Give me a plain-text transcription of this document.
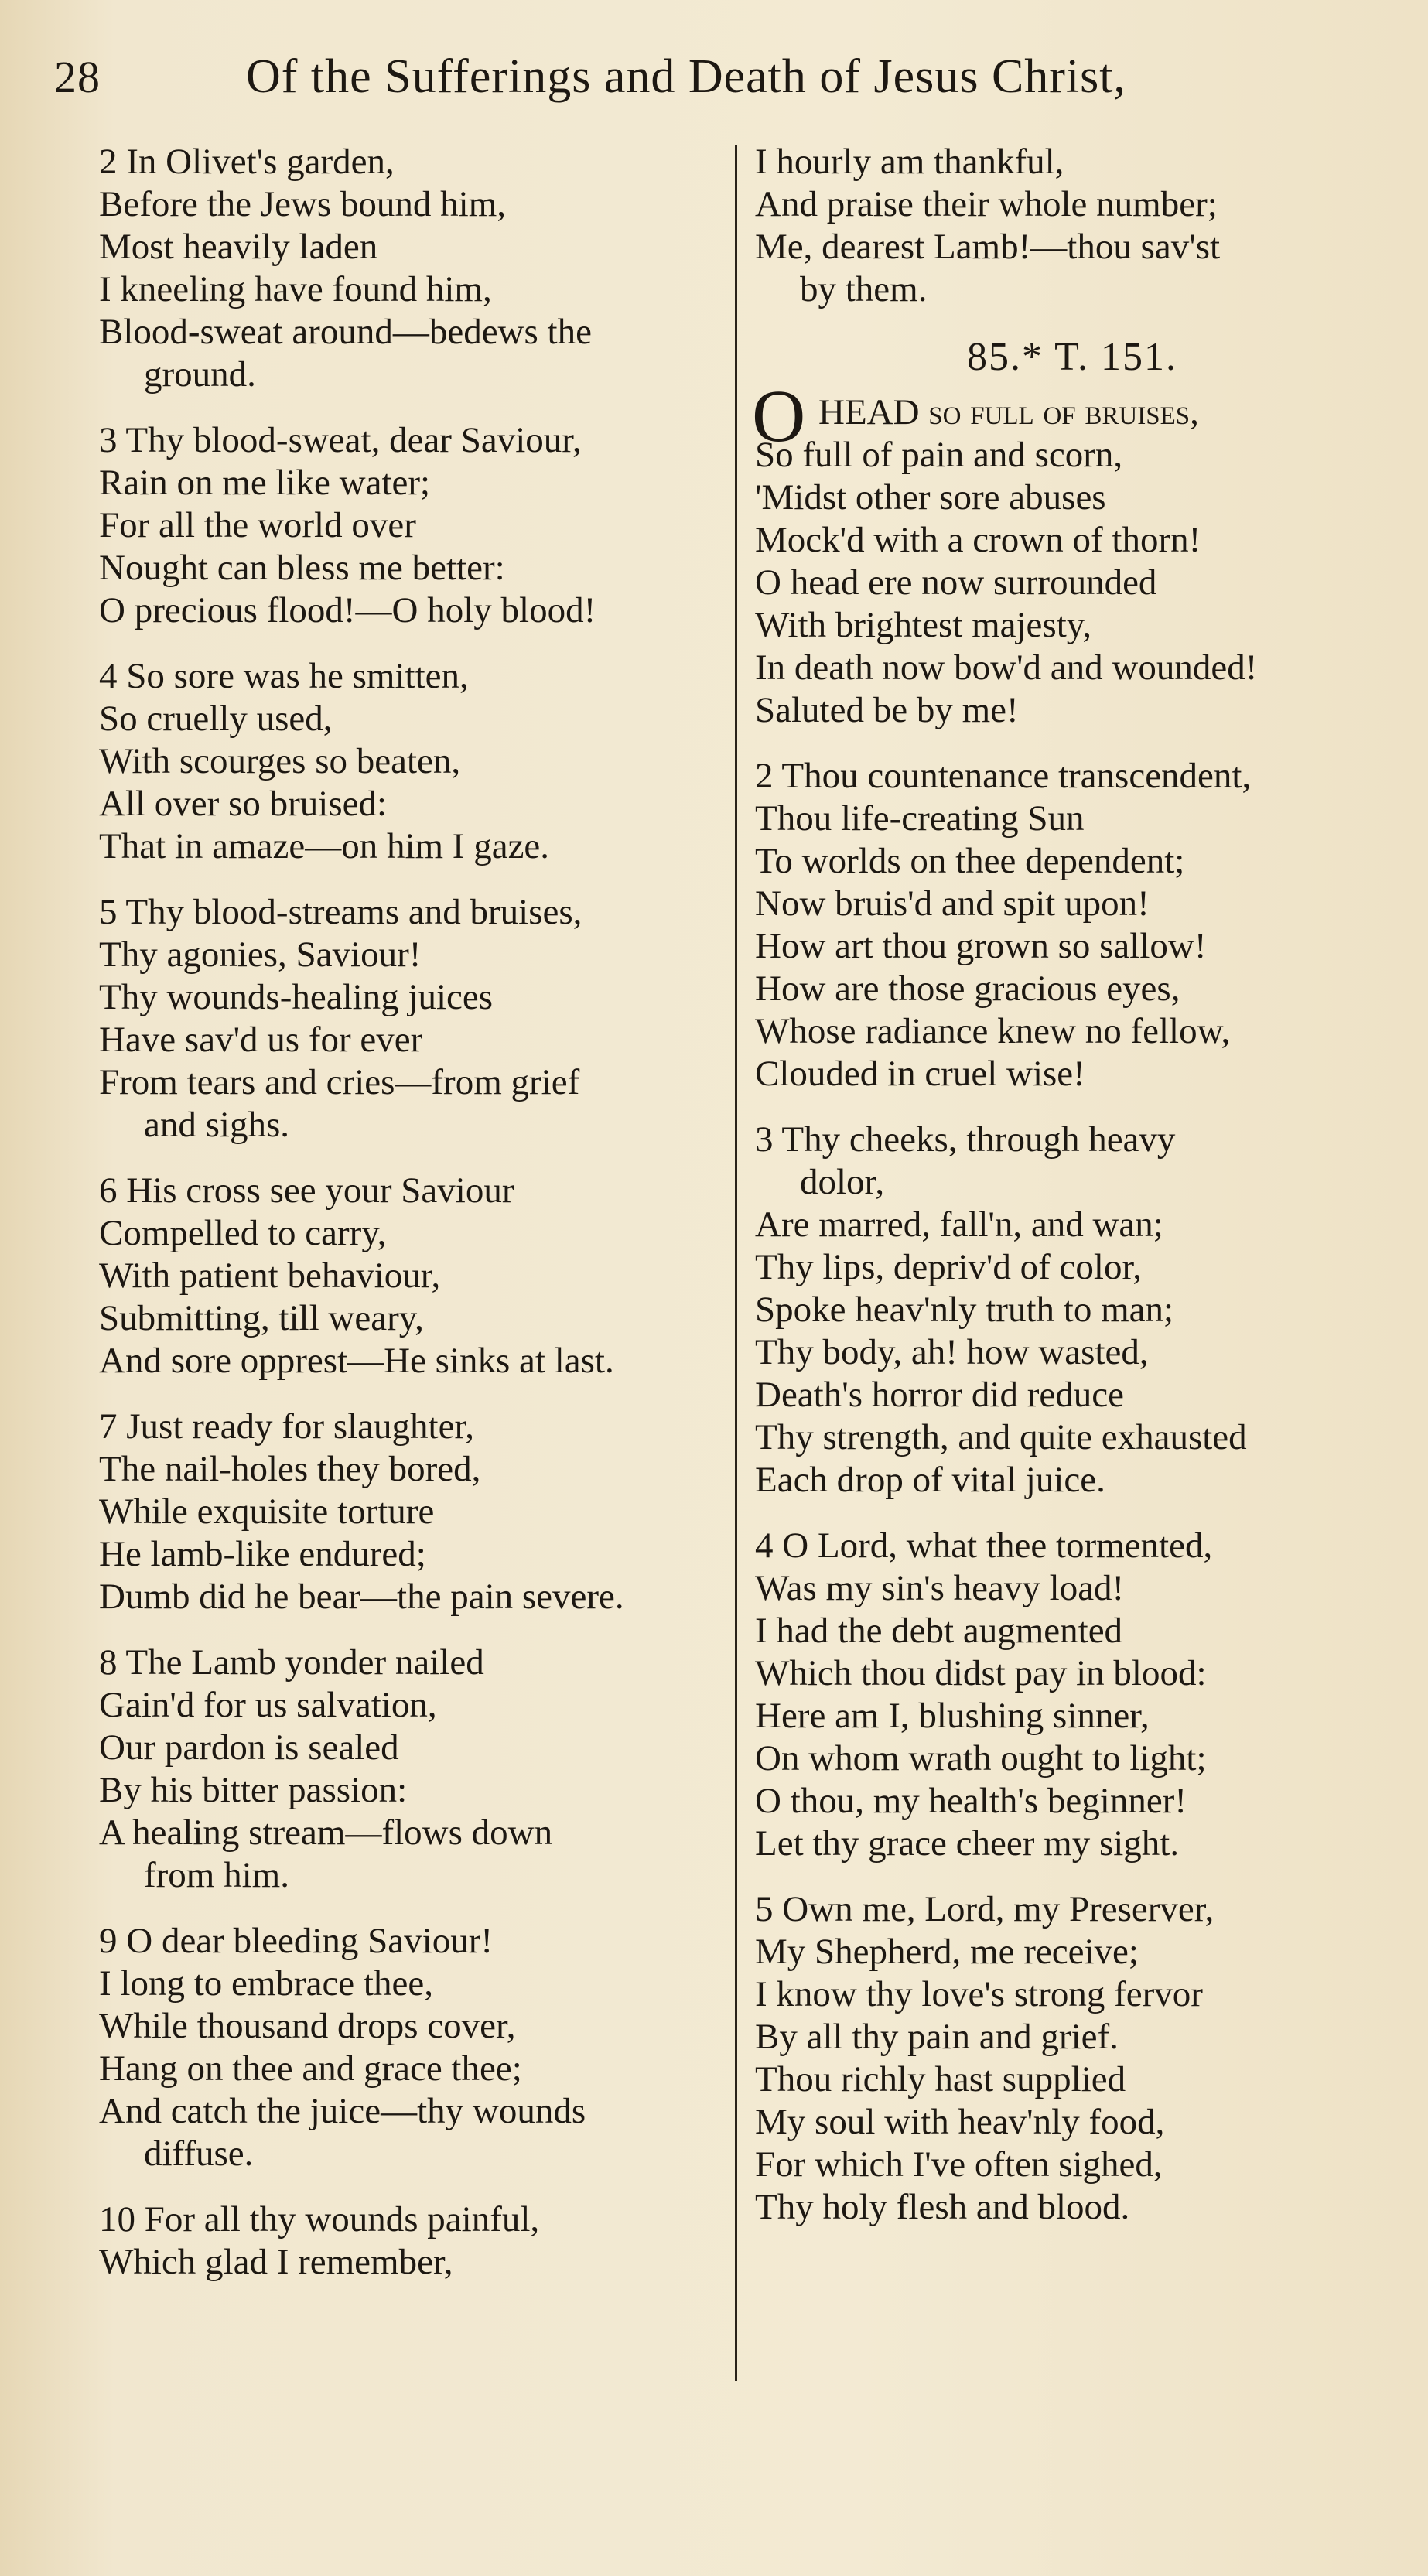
28	Of the Sufferings and Death of Jesus Christ,
2 In Olivet's garden,
Before the Jews bound him,
Most heavily laden
I kneeling have found him,
Blood-sweat around—bedews the
ground.
3 Thy blood-sweat, dear Saviour,
Rain on me like water;
For all the world over
Nought can bless me better:
O precious flood!—O holy blood!
4 So sore was he smitten,
So cruelly used,
With scourges so beaten,
All over so bruised:
That in amaze—on him I gaze.
5 Thy blood-streams and bruises,
Thy agonies, Saviour!
Thy wounds-healing juices
Have sav'd us for ever
From tears and cries—from grief
and sighs.
6 His cross see your Saviour
Compelled to carry,
With patient behaviour,
Submitting, till weary,
And sore opprest—He sinks at last.
7 Just ready for slaughter,
The nail-holes they bored,
While exquisite torture
He lamb-like endured;
Dumb did he bear—the pain severe.
8 The Lamb yonder nailed
Gain'd for us salvation,
Our pardon is sealed
By his bitter passion:
A healing stream—flows down
from him.
9 O dear bleeding Saviour!
I long to embrace thee,
While thousand drops cover,
Hang on thee and grace thee;
And catch the juice—thy wounds
diffuse.
10 For all thy wounds painful,
Which glad I remember,
I hourly am thankful,
And praise their whole number;
Me, dearest Lamb!—thou sav'st
by them.
85.* T. 151.
O HEAD so full of bruises,
So full of pain and scorn,
'Midst other sore abuses
Mock'd with a crown of thorn!
O head ere now surrounded
With brightest majesty,
In death now bow'd and wounded!
Saluted be by me!
2 Thou countenance transcendent,
Thou life-creating Sun
To worlds on thee dependent;
Now bruis'd and spit upon!
How art thou grown so sallow!
How are those gracious eyes,
Whose radiance knew no fellow,
Clouded in cruel wise!
3 Thy cheeks, through heavy
dolor,
Are marred, fall'n, and wan;
Thy lips, depriv'd of color,
Spoke heav'nly truth to man;
Thy body, ah! how wasted,
Death's horror did reduce
Thy strength, and quite exhausted
Each drop of vital juice.
4 O Lord, what thee tormented,
Was my sin's heavy load!
I had the debt augmented
Which thou didst pay in blood:
Here am I, blushing sinner,
On whom wrath ought to light;
O thou, my health's beginner!
Let thy grace cheer my sight.
5 Own me, Lord, my Preserver,
My Shepherd, me receive;
I know thy love's strong fervor
By all thy pain and grief.
Thou richly hast supplied
My soul with heav'nly food,
For which I've often sighed,
Thy holy flesh and blood.
